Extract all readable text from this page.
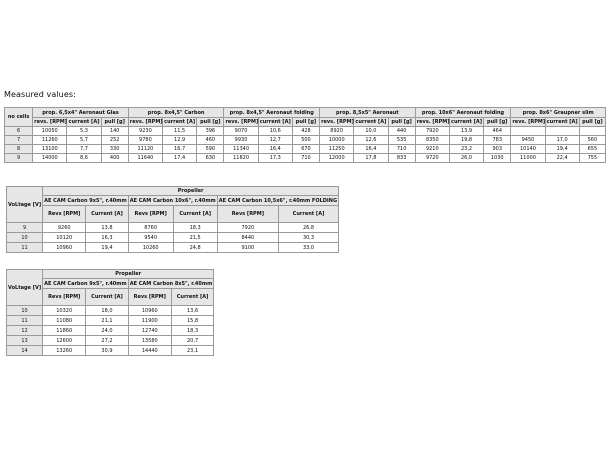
Measured values:
no cells	prop. 6,5x4" Aeronaut Glas			prop. 8x4,5" Carbon			prop. 8x4,5" Aeronaut folding			prop. 8,5x5" Aeronaut			prop. 10x6" Aeronaut folding			prop. 8x6" Graupner slim		
	revs. [RPM]	current [A]	pull [g]	revs. [RPM]	current [A]	pull [g]	revs. [RPM]	current [A]	pull [g]	revs. [RPM]	current [A]	pull [g]	revs. [RPM]	current [A]	pull [g]	revs. [RPM]	current [A]	pull [g]
6	10050	5,3	140	9230	11,5	396	9070	10,6	428	8920	10,0	440	7920	13,9	464			
7	11260	5,7	252	9780	12,9	460	9930	12,7	500	10000	12,6	535	8350	19,8	783	9450	17,0	560
8	13100	7,7	330	11120	16,7	590	11340	16,4	670	11250	16,4	710	9210	23,2	903	10140	19,4	655
9	14000	8,6	400	11640	17,4	630	11820	17,3	710	12000	17,8	833	9720	26,0	1030	11000	22,4	755
VoLtage [V]	Propeller					
	AE CAM Carbon 9x5", r.40mm		AE CAM Carbon 10x6", r.40mm		AE CAM Carbon 10,5x6", r.40mm FOLDING	
	Revs [RPM]	Current [A]	Revs [RPM]	Current [A]	Revs [RPM]	Current [A]
9	9260	13,8	8760	18,3	7920	26,8
10	10120	16,3	9540	21,5	8440	30,3
11	10960	19,4	10260	24,8	9100	33,0
VoLtage [V]	Propeller			
	AE CAM Carbon 9x5", r.40mm		AE CAM Carbon 8x5", r.40mm	
	Revs [RPM]	Current [A]	Revs [RPM]	Current [A]
10	10320	18,0	10960	13,6
11	11080	21,1	11900	15,8
12	11860	24,0	12740	18,3
13	12600	27,2	13580	20,7
14	13260	30,9	14440	23,1
